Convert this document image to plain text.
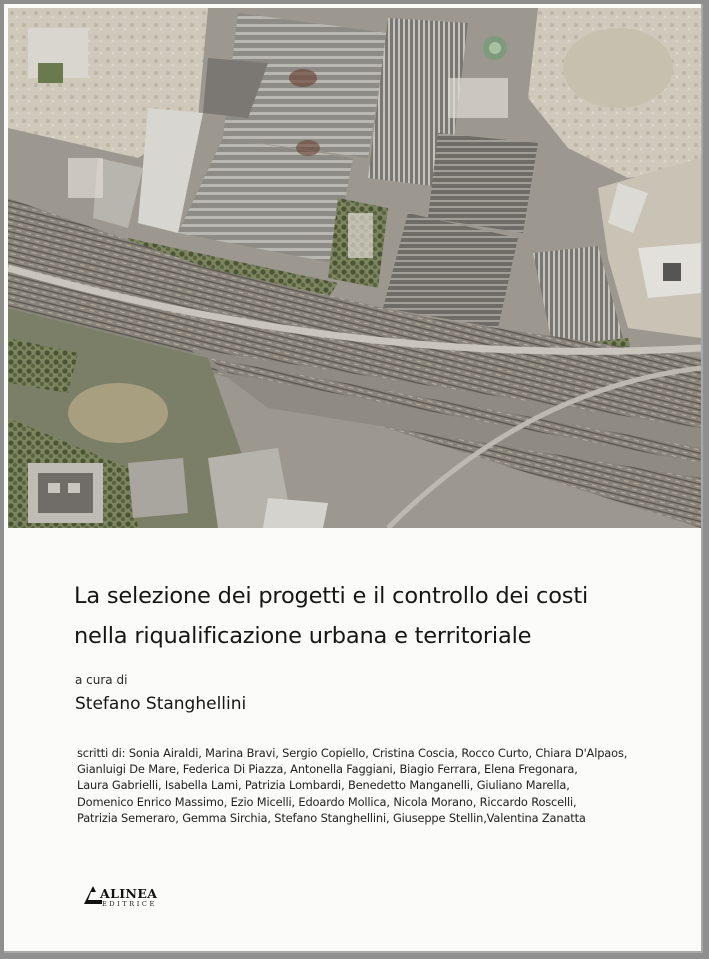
La selezione dei progetti e il controllo dei costi
nella riqualificazione urbana e territoriale
a cura di
Stefano Stanghellini
scritti di: Sonia Airaldi, Marina Bravi, Sergio Copiello, Cristina Coscia, Rocco Curto, Chiara D'Alpaos,
Gianluigi De Mare, Federica Di Piazza, Antonella Faggiani, Biagio Ferrara, Elena Fregonara,
Laura Gabrielli, Isabella Lami, Patrizia Lombardi, Benedetto Manganelli, Giuliano Marella,
Domenico Enrico Massimo, Ezio Micelli, Edoardo Mollica, Nicola Morano, Riccardo Roscelli,
Patrizia Semeraro, Gemma Sirchia, Stefano Stanghellini, Giuseppe Stellin,Valentina Zanatta
ALINEA
EDITRICE
